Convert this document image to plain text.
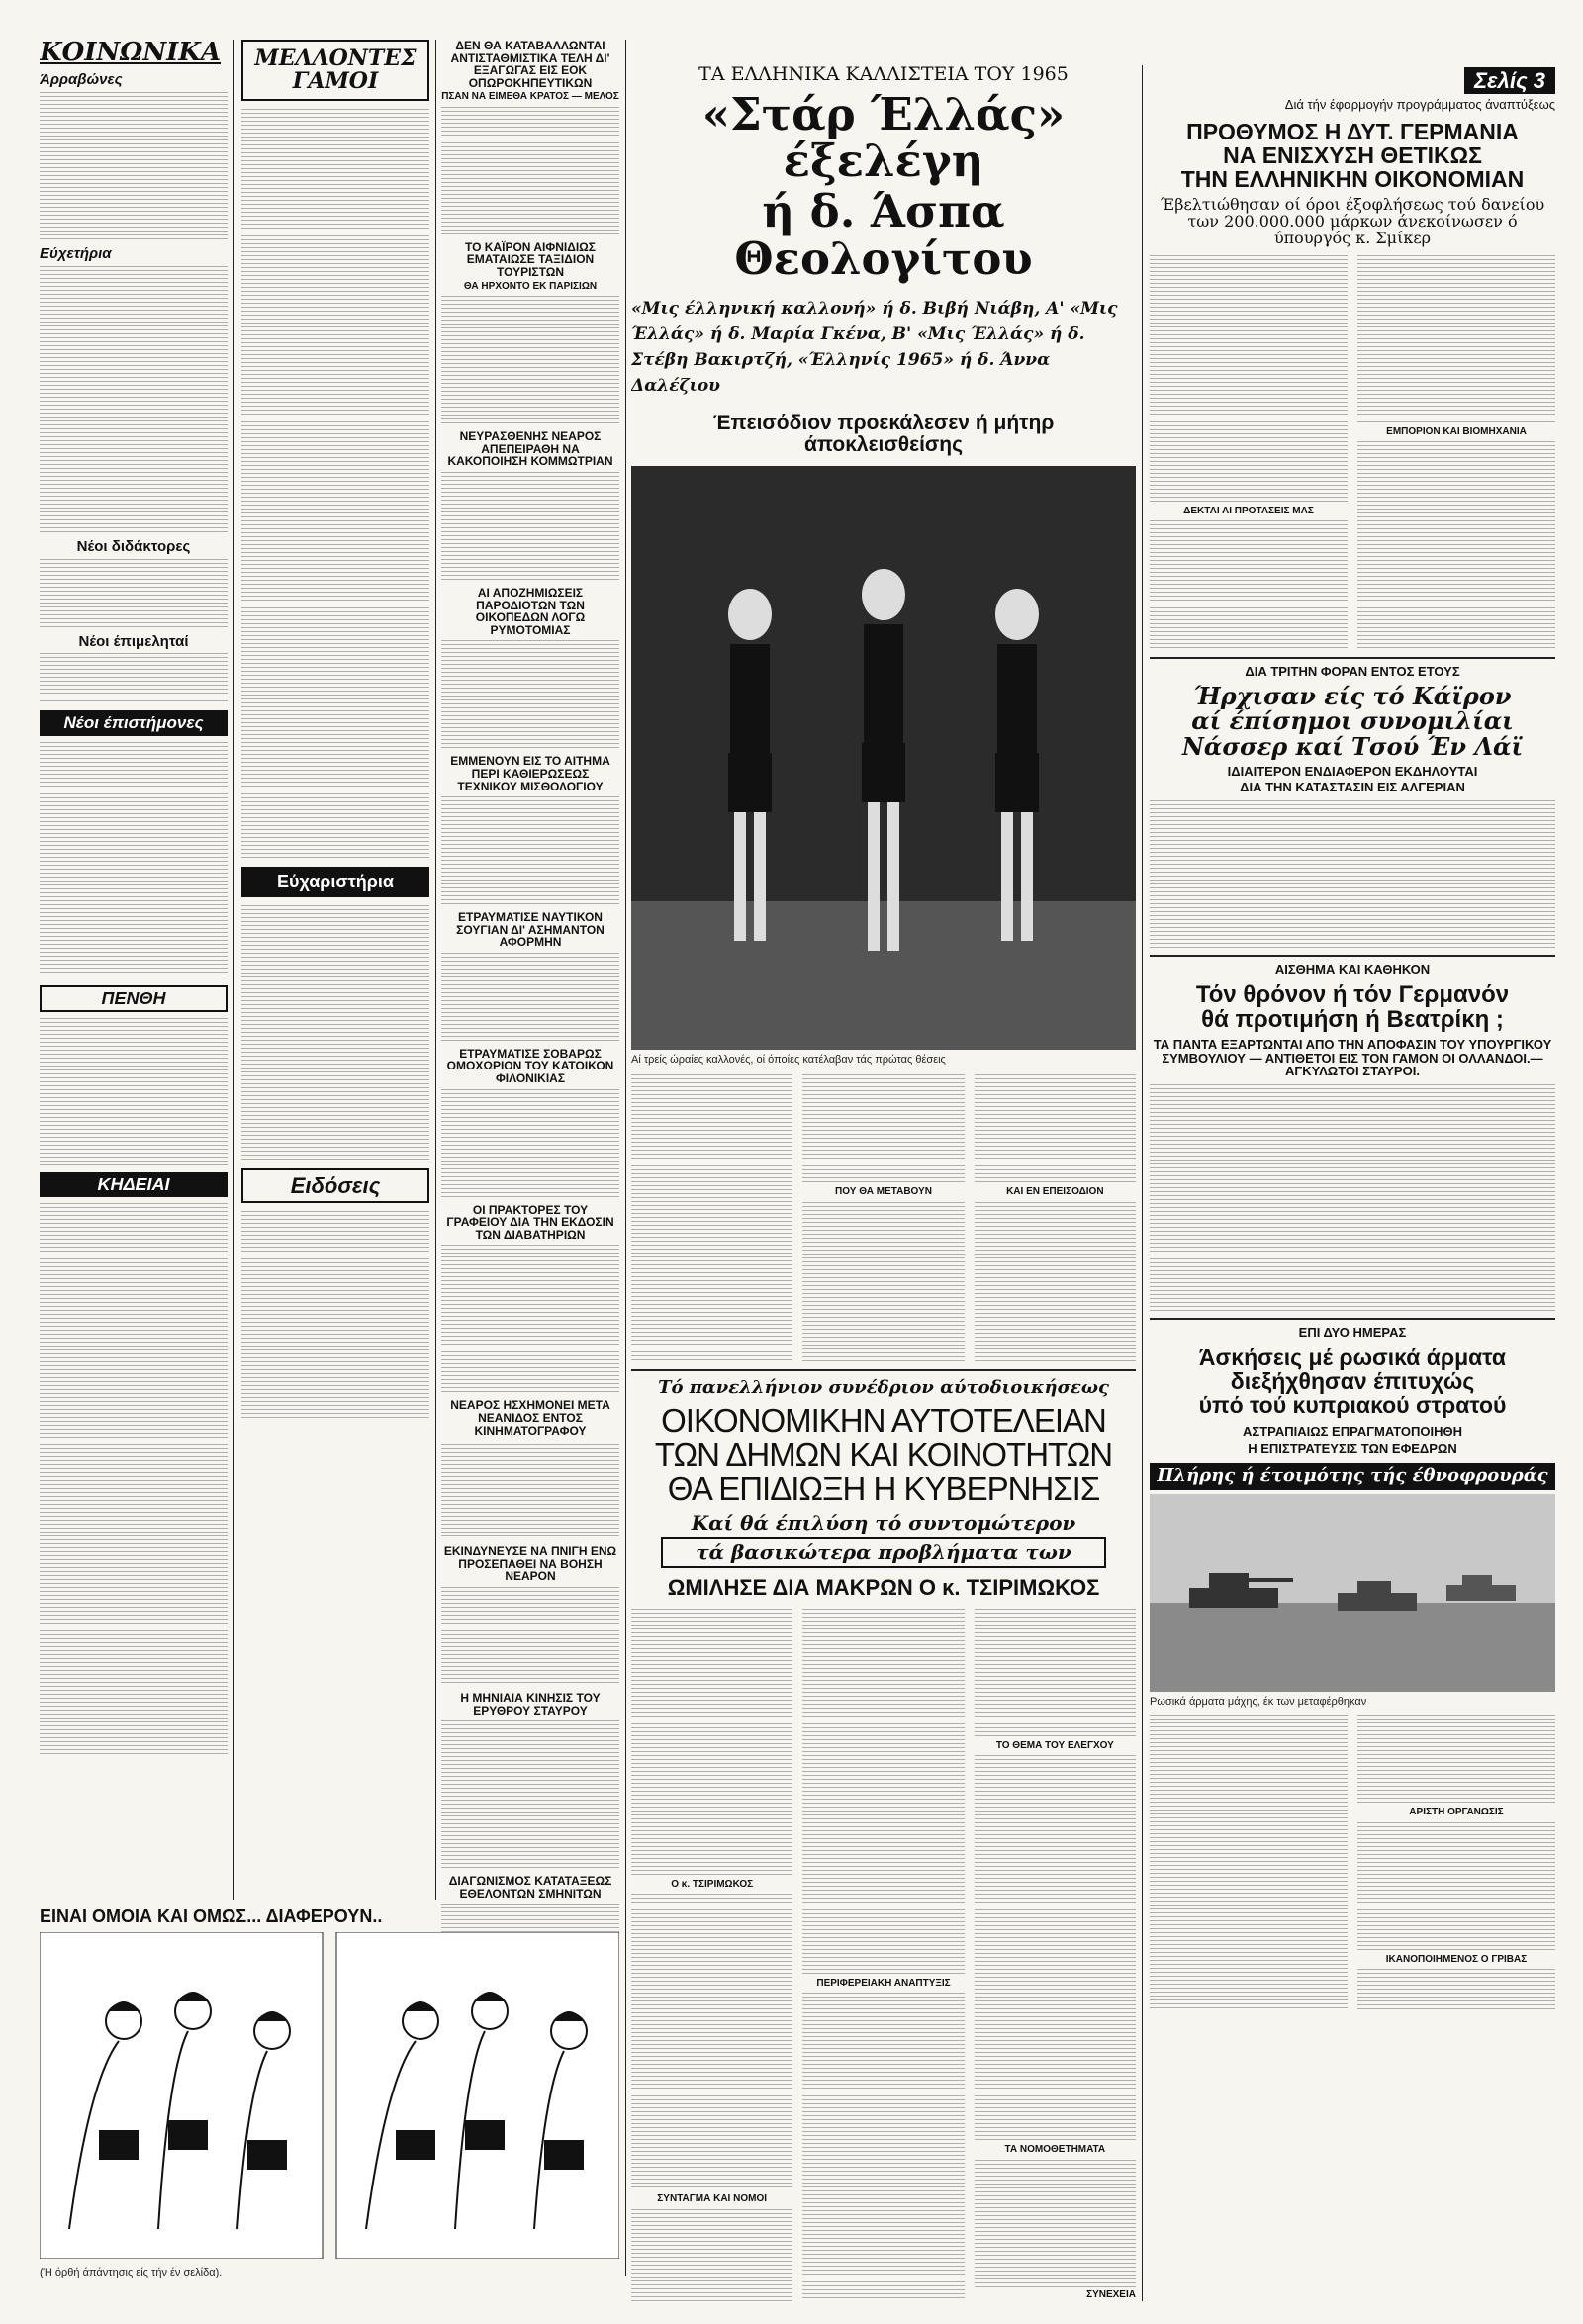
ΚΟΙΝΩΝΙΚΑ
Άρραβώνες
Εύχετήρια
Νέοι διδάκτορες
Νέοι έπιμεληταί
Νέοι έπιστήμονες
ΠΕΝΘΗ
ΚΗΔΕΙΑΙ
ΜΕΛΛΟΝΤΕΣ ΓΑΜΟΙ
Εύχαριστήρια
Ειδόσεις
ΔΕΝ ΘΑ ΚΑΤΑΒΑΛΛΩΝΤΑΙ ΑΝΤΙΣΤΑΘΜΙΣΤΙΚΑ ΤΕΛΗ ΔΙ' ΕΞΑΓΩΓΑΣ ΕΙΣ ΕΟΚ ΟΠΩΡΟΚΗΠΕΥΤΙΚΩΝ
ΠΣΑΝ ΝΑ ΕΙΜΕΘΑ ΚΡΑΤΟΣ — ΜΕΛΟΣ
ΤΟ ΚΑΪΡΟΝ ΑΙΦΝΙΔΙΩΣ ΕΜΑΤΑΙΩΣΕ ΤΑΞΙΔΙΟΝ ΤΟΥΡΙΣΤΩΝ
ΘΑ ΗΡΧΟΝΤΟ ΕΚ ΠΑΡΙΣΙΩΝ
ΝΕΥΡΑΣΘΕΝΗΣ ΝΕΑΡΟΣ ΑΠΕΠΕΙΡΑΘΗ ΝΑ ΚΑΚΟΠΟΙΗΣΗ ΚΟΜΜΩΤΡΙΑΝ
ΑΙ ΑΠΟΖΗΜΙΩΣΕΙΣ ΠΑΡΟΔΙΟΤΩΝ ΤΩΝ ΟΙΚΟΠΕΔΩΝ ΛΟΓΩ ΡΥΜΟΤΟΜΙΑΣ
ΕΜΜΕΝΟΥΝ ΕΙΣ ΤΟ ΑΙΤΗΜΑ ΠΕΡΙ ΚΑΘΙΕΡΩΣΕΩΣ ΤΕΧΝΙΚΟΥ ΜΙΣΘΟΛΟΓΙΟΥ
ΕΤΡΑΥΜΑΤΙΣΕ ΝΑΥΤΙΚΟΝ ΣΟΥΓΙΑΝ ΔΙ' ΑΣΗΜΑΝΤΟΝ ΑΦΟΡΜΗΝ
ΕΤΡΑΥΜΑΤΙΣΕ ΣΟΒΑΡΩΣ ΟΜΟΧΩΡΙΟΝ ΤΟΥ ΚΑΤΟΙΚΟΝ ΦΙΛΟΝΙΚΙΑΣ
ΟΙ ΠΡΑΚΤΟΡΕΣ ΤΟΥ ΓΡΑΦΕΙΟΥ ΔΙΑ ΤΗΝ ΕΚΔΟΣΙΝ ΤΩΝ ΔΙΑΒΑΤΗΡΙΩΝ
ΝΕΑΡΟΣ ΗΣΧΗΜΟΝΕΙ ΜΕΤΑ ΝΕΑΝΙΔΟΣ ΕΝΤΟΣ ΚΙΝΗΜΑΤΟΓΡΑΦΟΥ
ΕΚΙΝΔΥΝΕΥΣΕ ΝΑ ΠΝΙΓΗ ΕΝΩ ΠΡΟΣΕΠΑΘΕΙ ΝΑ ΒΟΗΣΗ ΝΕΑΡΟΝ
Η ΜΗΝΙΑΙΑ ΚΙΝΗΣΙΣ ΤΟΥ ΕΡΥΘΡΟΥ ΣΤΑΥΡΟΥ
ΔΙΑΓΩΝΙΣΜΟΣ ΚΑΤΑΤΑΞΕΩΣ ΕΘΕΛΟΝΤΩΝ ΣΜΗΝΙΤΩΝ
ΤΑ ΕΛΛΗΝΙΚΑ ΚΑΛΛΙΣΤΕΙΑ ΤΟΥ 1965
«Στάρ Έλλάς» έξελέγη
ή δ. Άσπα Θεολογίτου
«Μις έλληνική καλλονή» ή δ. Βιβή Νιάβη, Α' «Μις Έλλάς» ή δ. Μαρία Γκένα, Β' «Μις Έλλάς» ή δ. Στέβη Βακιρτζή, «Έλληνίς 1965» ή δ. Άννα Δαλέζιου
Έπεισόδιον προεκάλεσεν ή μήτηρ άποκλεισθείσης
Αί τρείς ώραίες καλλονές, οί όποίες κατέλαβαν τάς πρώτας θέσεις
ΠΟΥ ΘΑ ΜΕΤΑΒΟΥΝ	ΚΑΙ ΕΝ ΕΠΕΙΣΟΔΙΟΝ
Τό πανελλήνιον συνέδριον αύτοδιοικήσεως
ΟΙΚΟΝΟΜΙΚΗΝ ΑΥΤΟΤΕΛΕΙΑΝ
ΤΩΝ ΔΗΜΩΝ ΚΑΙ ΚΟΙΝΟΤΗΤΩΝ
ΘΑ ΕΠΙΔΙΩΞΗ Η ΚΥΒΕΡΝΗΣΙΣ
Καί θά έπιλύση τό συντομώτερον
τά βασικώτερα προβλήματα των
ΩΜΙΛΗΣΕ ΔΙΑ ΜΑΚΡΩΝ Ο κ. ΤΣΙΡΙΜΩΚΟΣ
Ο κ. ΤΣΙΡΙΜΩΚΟΣ
ΣΥΝΤΑΓΜΑ ΚΑΙ ΝΟΜΟΙ
ΠΕΡΙΦΕΡΕΙΑΚΗ ΑΝΑΠΤΥΞΙΣ
ΤΟ ΘΕΜΑ ΤΟΥ ΕΛΕΓΧΟΥ
ΤΑ ΝΟΜΟΘΕΤΗΜΑΤΑ
ΣΥΝΕΧΕΙΑ
Σελίς 3
Διά τήν έφαρμογήν προγράμματος άναπτύξεως
ΠΡΟΘΥΜΟΣ Η ΔΥΤ. ΓΕΡΜΑΝΙΑ
ΝΑ ΕΝΙΣΧΥΣΗ ΘΕΤΙΚΩΣ
ΤΗΝ ΕΛΛΗΝΙΚΗΝ ΟΙΚΟΝΟΜΙΑΝ
Έβελτιώθησαν οί όροι έξοφλήσεως τού δανείου των 200.000.000 μάρκων άνεκοίνωσεν ό ύπουργός κ. Σμίκερ
ΔΕΚΤΑΙ ΑΙ ΠΡΟΤΑΣΕΙΣ ΜΑΣ
ΕΜΠΟΡΙΟΝ ΚΑΙ ΒΙΟΜΗΧΑΝΙΑ
ΔΙΑ ΤΡΙΤΗΝ ΦΟΡΑΝ ΕΝΤΟΣ ΕΤΟΥΣ
Ήρχισαν είς τό Κάϊρον
αί έπίσημοι συνομιλίαι
Νάσσερ καί Τσού Έν Λάϊ
ΙΔΙΑΙΤΕΡΟΝ ΕΝΔΙΑΦΕΡΟΝ ΕΚΔΗΛΟΥΤΑΙ
ΔΙΑ ΤΗΝ ΚΑΤΑΣΤΑΣΙΝ ΕΙΣ ΑΛΓΕΡΙΑΝ
ΑΙΣΘΗΜΑ ΚΑΙ ΚΑΘΗΚΟΝ
Τόν θρόνον ή τόν Γερμανόν
θά προτιμήση ή Βεατρίκη ;
ΤΑ ΠΑΝΤΑ ΕΞΑΡΤΩΝΤΑΙ ΑΠΟ ΤΗΝ ΑΠΟΦΑΣΙΝ ΤΟΥ ΥΠΟΥΡΓΙΚΟΥ ΣΥΜΒΟΥΛΙΟΥ — ΑΝΤΙΘΕΤΟΙ ΕΙΣ ΤΟΝ ΓΑΜΟΝ ΟΙ ΟΛΛΑΝΔΟΙ.— ΑΓΚΥΛΩΤΟΙ ΣΤΑΥΡΟΙ.
ΕΠΙ ΔΥΟ ΗΜΕΡΑΣ
Άσκήσεις μέ ρωσικά άρματα
διεξήχθησαν έπιτυχώς
ύπό τού κυπριακού στρατού
ΑΣΤΡΑΠΙΑΙΩΣ ΕΠΡΑΓΜΑΤΟΠΟΙΗΘΗ
Η ΕΠΙΣΤΡΑΤΕΥΣΙΣ ΤΩΝ ΕΦΕΔΡΩΝ
Πλήρης ή έτοιμότης τής έθνοφρουράς
Ρωσικά άρματα μάχης, έκ των μεταφέρθηκαν
ΑΡΙΣΤΗ ΟΡΓΑΝΩΣΙΣ
ΙΚΑΝΟΠΟΙΗΜΕΝΟΣ Ο ΓΡΙΒΑΣ
ΕΙΝΑΙ ΟΜΟΙΑ ΚΑΙ ΟΜΩΣ... ΔΙΑΦΕΡΟΥΝ..
(Ή όρθή άπάντησις είς τήν έν σελίδα).
